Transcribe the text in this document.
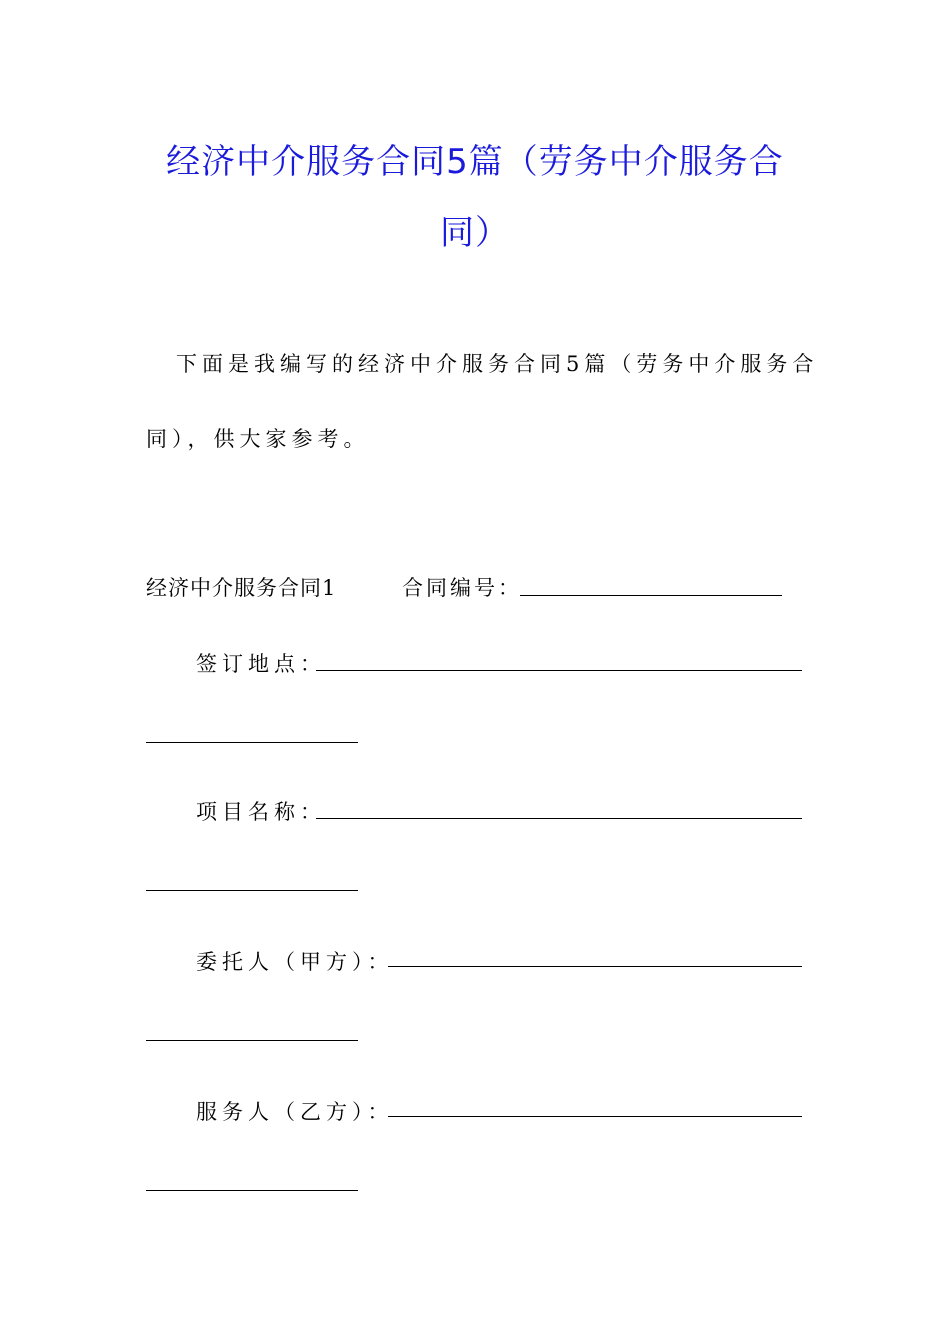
经济中介服务合同5篇（劳务中介服务合
同）
下面是我编写的经济中介服务合同5篇（劳务中介服务合
同），供大家参考。
经济中介服务合同1	合同编号：
签订地点：
项目名称：
委托人（甲方）：
服务人（乙方）：
